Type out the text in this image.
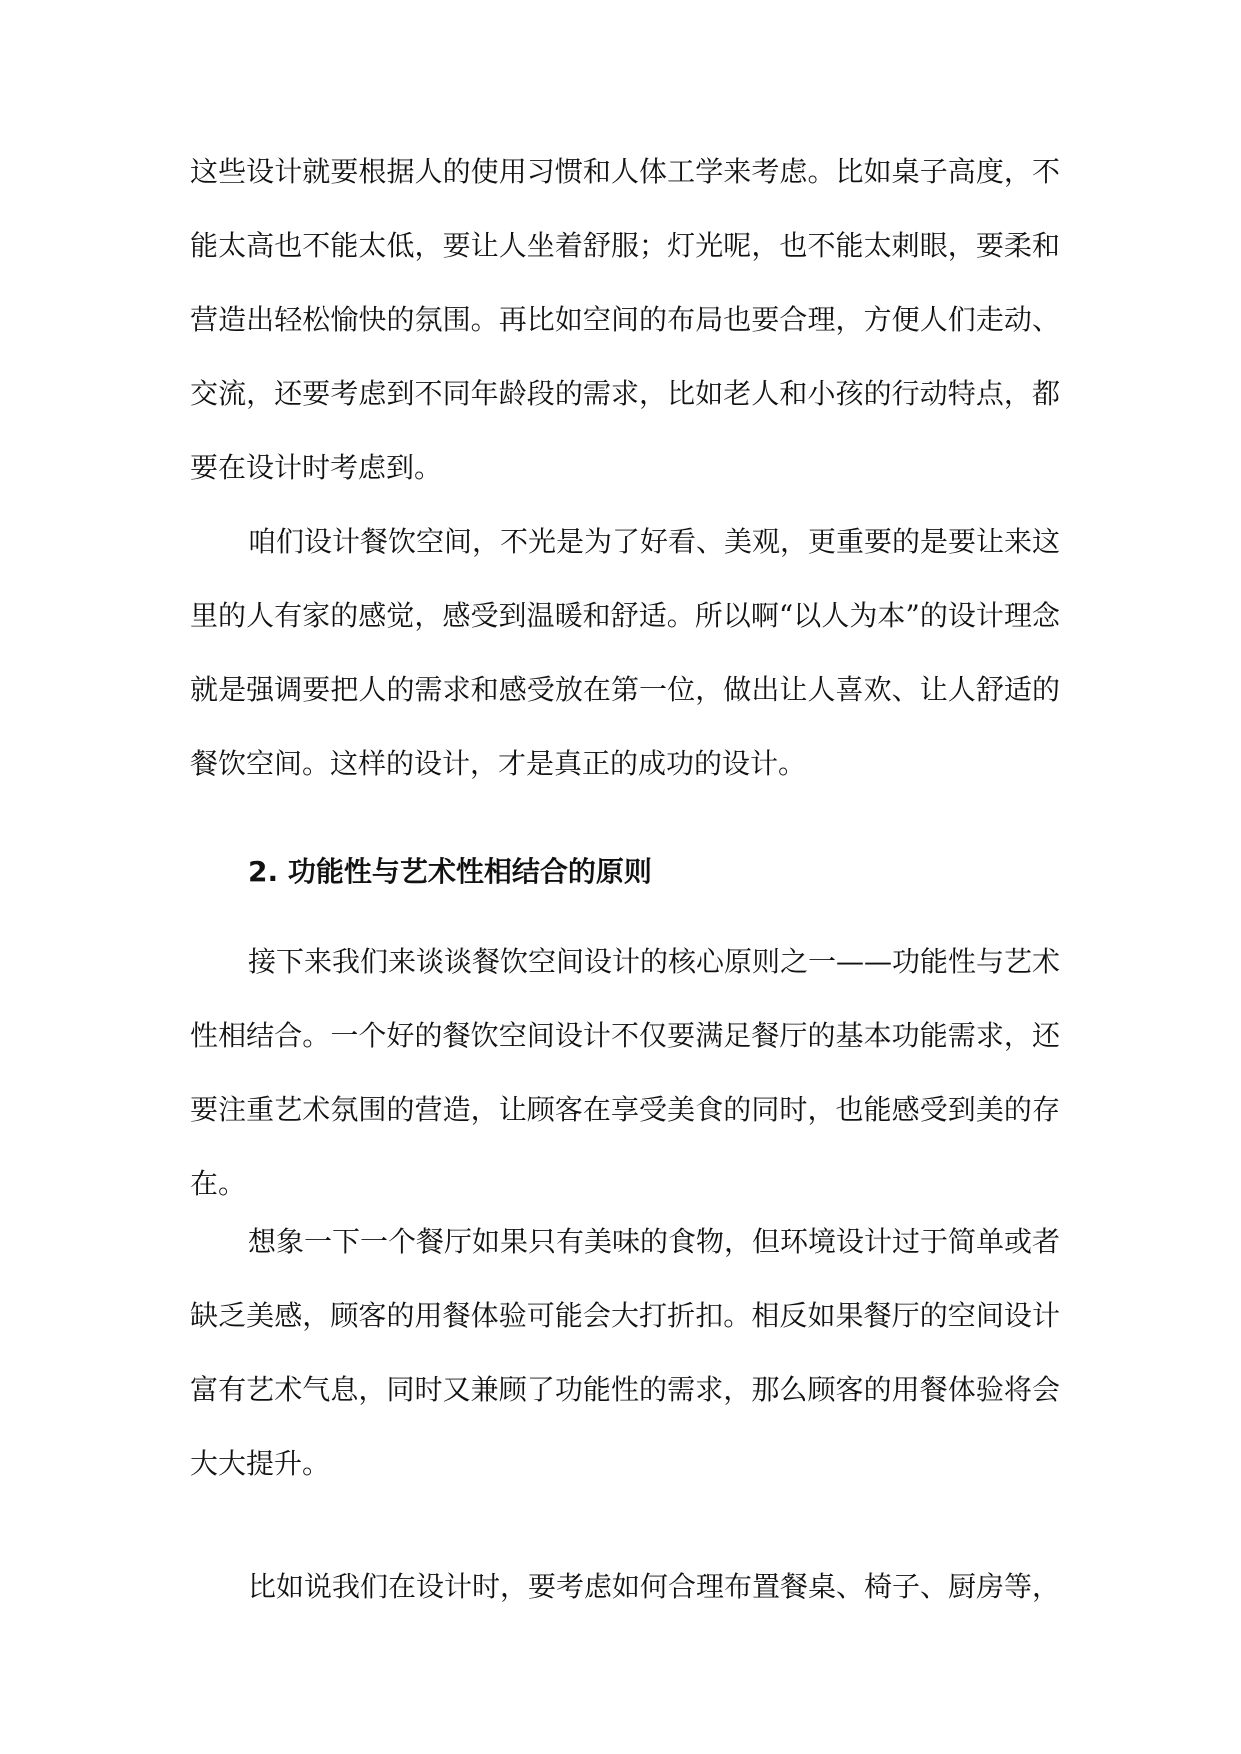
这些设计就要根据人的使用习惯和人体工学来考虑。比如桌子高度，不能太高也不能太低，要让人坐着舒服；灯光呢，也不能太刺眼，要柔和营造出轻松愉快的氛围。再比如空间的布局也要合理，方便人们走动、交流，还要考虑到不同年龄段的需求，比如老人和小孩的行动特点，都要在设计时考虑到。

咱们设计餐饮空间，不光是为了好看、美观，更重要的是要让来这里的人有家的感觉，感受到温暖和舒适。所以啊“以人为本”的设计理念就是强调要把人的需求和感受放在第一位，做出让人喜欢、让人舒适的餐饮空间。这样的设计，才是真正的成功的设计。

2. 功能性与艺术性相结合的原则

接下来我们来谈谈餐饮空间设计的核心原则之一——功能性与艺术性相结合。一个好的餐饮空间设计不仅要满足餐厅的基本功能需求，还要注重艺术氛围的营造，让顾客在享受美食的同时，也能感受到美的存在。

想象一下一个餐厅如果只有美味的食物，但环境设计过于简单或者缺乏美感，顾客的用餐体验可能会大打折扣。相反如果餐厅的空间设计富有艺术气息，同时又兼顾了功能性的需求，那么顾客的用餐体验将会大大提升。

比如说我们在设计时，要考虑如何合理布置餐桌、椅子、厨房等，
